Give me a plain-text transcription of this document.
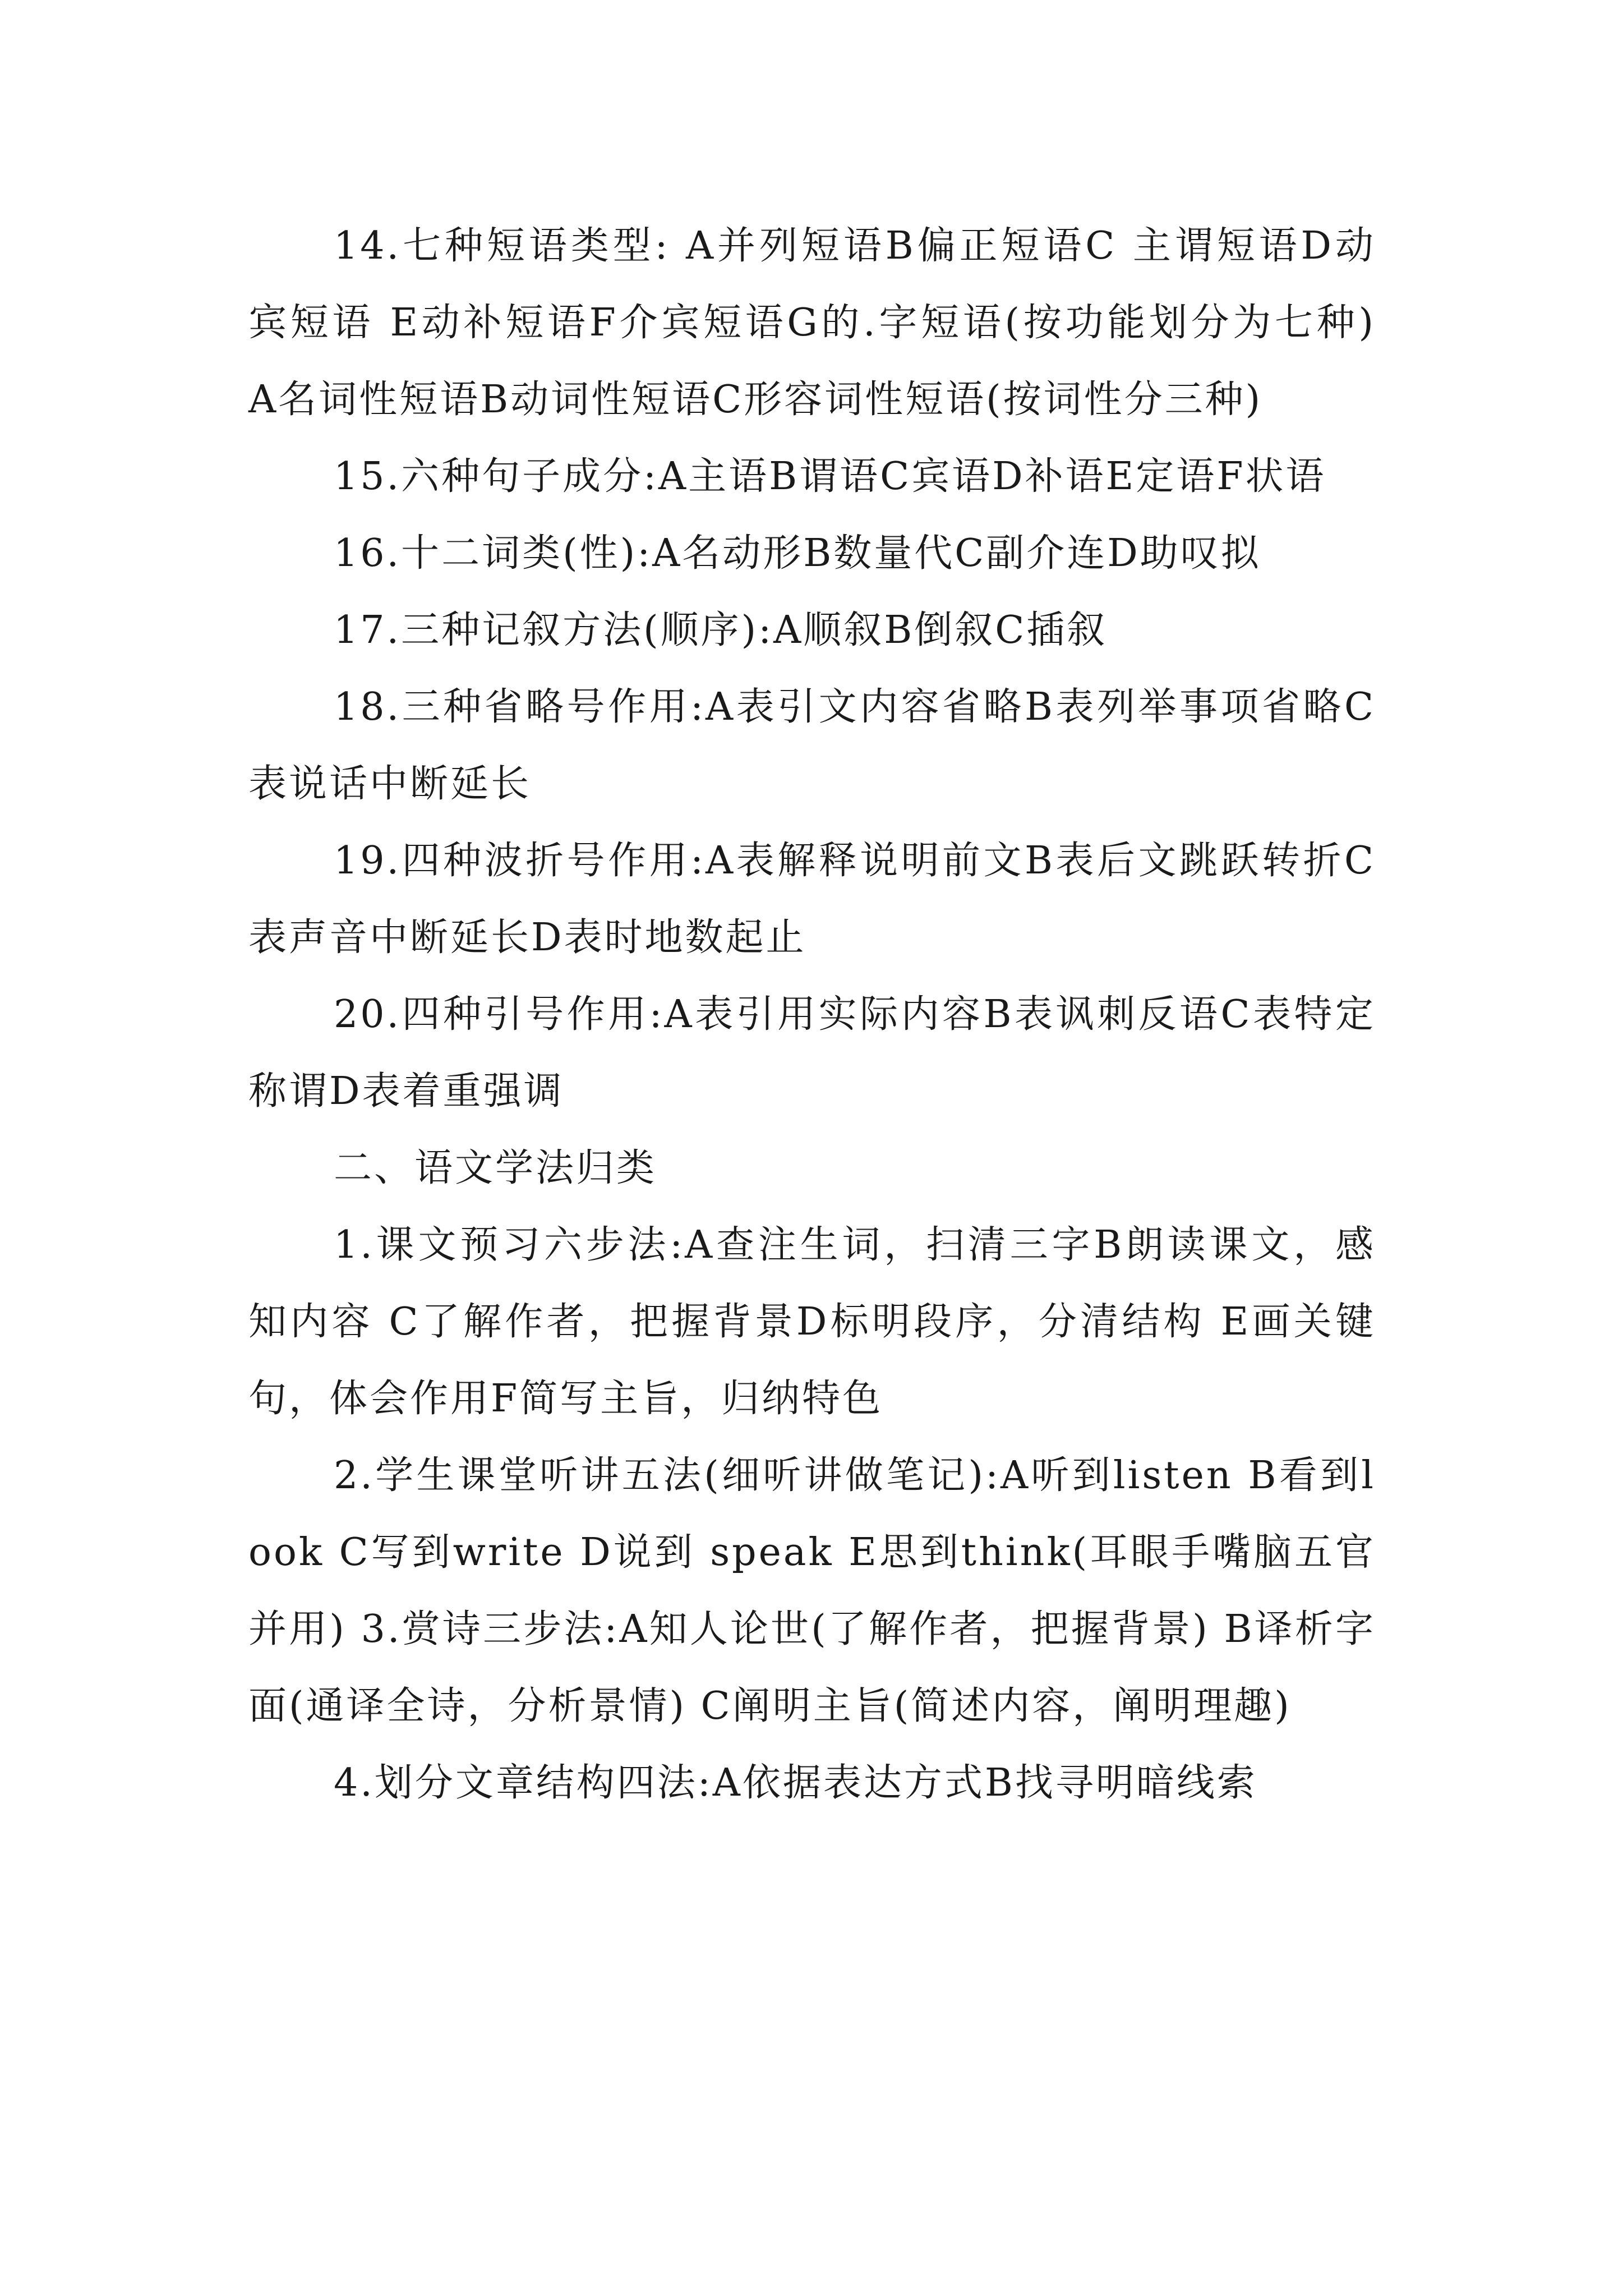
14.七种短语类型: A并列短语B偏正短语C 主谓短语D动宾短语 E动补短语F介宾短语G的.字短语(按功能划分为七种) A名词性短语B动词性短语C形容词性短语(按词性分三种)

15.六种句子成分:A主语B谓语C宾语D补语E定语F状语

16.十二词类(性):A名动形B数量代C副介连D助叹拟

17.三种记叙方法(顺序):A顺叙B倒叙C插叙

18.三种省略号作用:A表引文内容省略B表列举事项省略C表说话中断延长

19.四种波折号作用:A表解释说明前文B表后文跳跃转折C表声音中断延长D表时地数起止

20.四种引号作用:A表引用实际内容B表讽刺反语C表特定称谓D表着重强调

二、语文学法归类

1.课文预习六步法:A查注生词，扫清三字B朗读课文，感知内容 C了解作者，把握背景D标明段序，分清结构 E画关键句，体会作用F简写主旨，归纳特色

2.学生课堂听讲五法(细听讲做笔记):A听到listen B看到look C写到write D说到 speak E思到think(耳眼手嘴脑五官并用) 3.赏诗三步法:A知人论世(了解作者，把握背景) B译析字面(通译全诗，分析景情) C阐明主旨(简述内容，阐明理趣)

4.划分文章结构四法:A依据表达方式B找寻明暗线索
